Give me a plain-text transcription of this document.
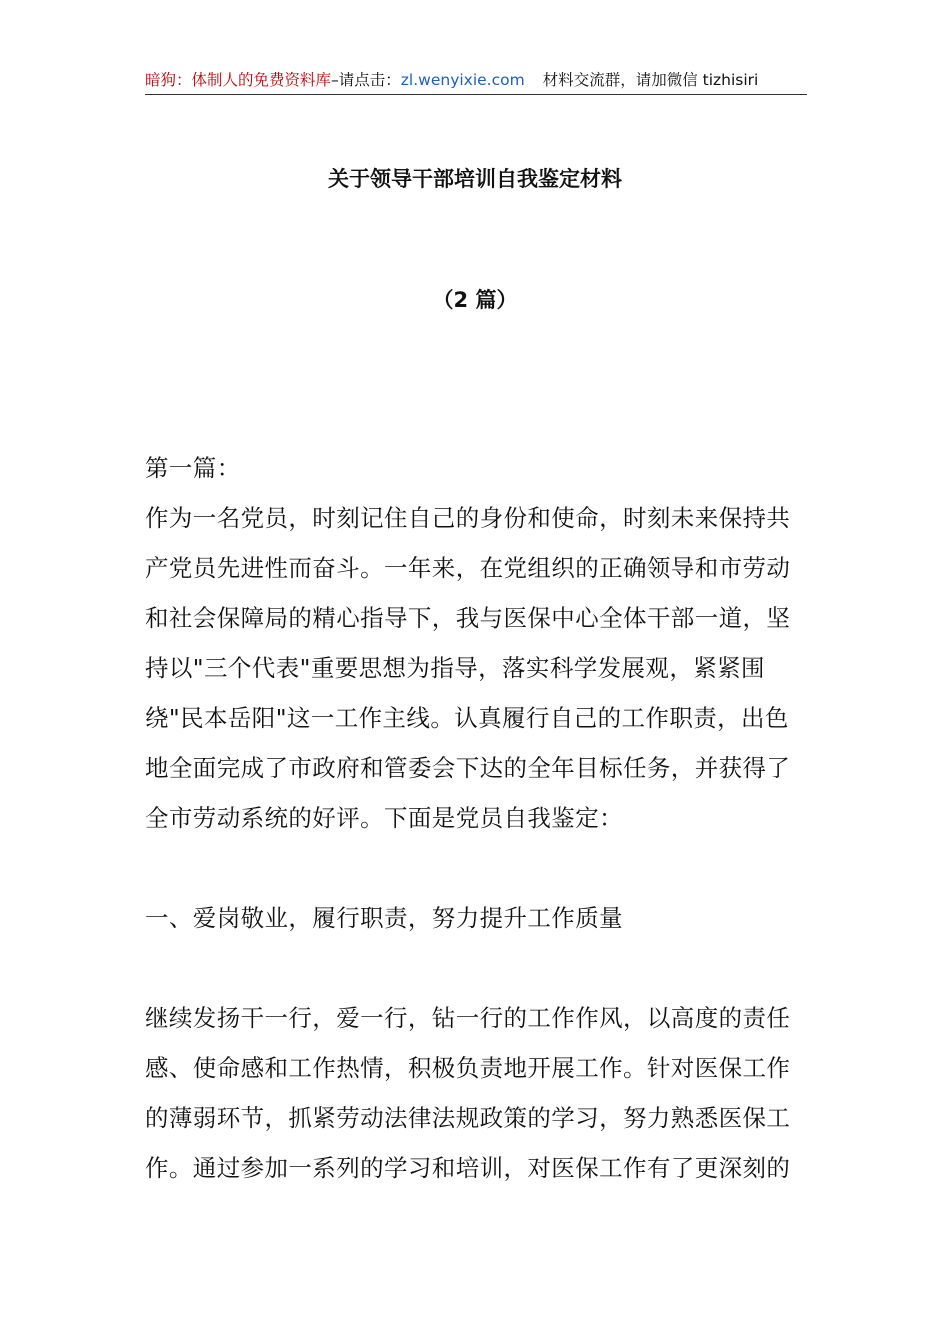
暗狗：体制人的免费资料库–请点击：zl.wenyixie.com 材料交流群，请加微信 tizhisiri
关于领导干部培训自我鉴定材料
（2 篇）
第一篇：
作为一名党员，时刻记住自己的身份和使命，时刻未来保持共
产党员先进性而奋斗。一年来，在党组织的正确领导和市劳动
和社会保障局的精心指导下，我与医保中心全体干部一道，坚
持以"三个代表"重要思想为指导，落实科学发展观，紧紧围
绕"民本岳阳"这一工作主线。认真履行自己的工作职责，出色
地全面完成了市政府和管委会下达的全年目标任务，并获得了
全市劳动系统的好评。下面是党员自我鉴定：
一、爱岗敬业，履行职责，努力提升工作质量
继续发扬干一行，爱一行，钻一行的工作作风，以高度的责任
感、使命感和工作热情，积极负责地开展工作。针对医保工作
的薄弱环节，抓紧劳动法律法规政策的学习，努力熟悉医保工
作。通过参加一系列的学习和培训，对医保工作有了更深刻的
